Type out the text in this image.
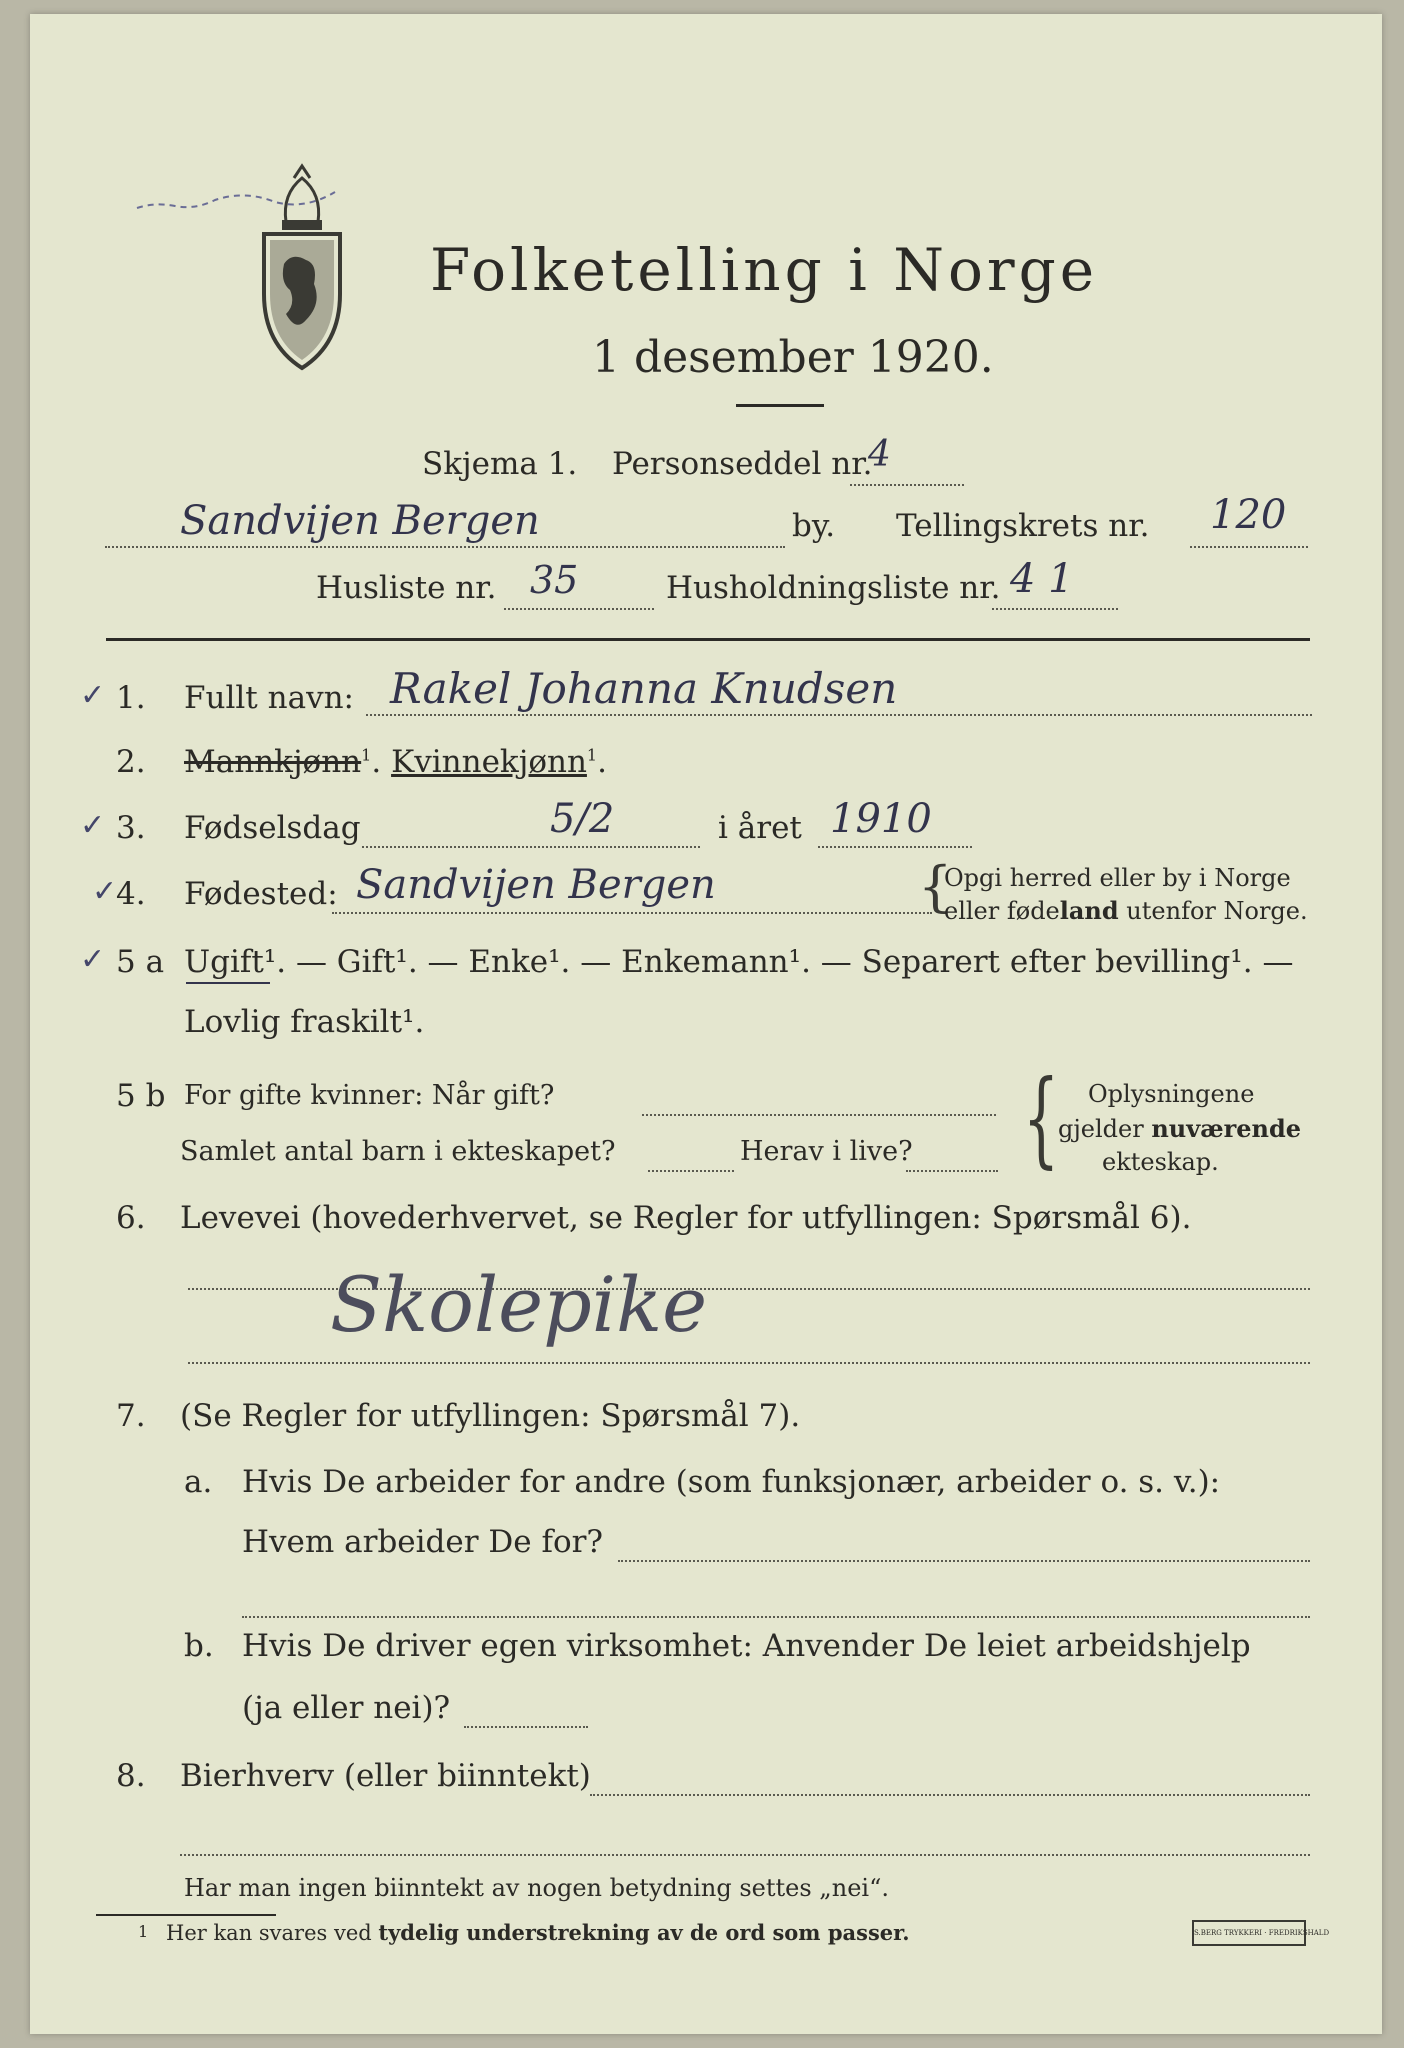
Folketelling i Norge
1 desember 1920.
Skjema 1. Personseddel nr.
4
Sandvijen Bergen	by. Tellingskrets nr. 120
Husliste nr. 35	Husholdningsliste nr. 4 1
✓ 1. Fullt navn: Rakel Johanna Knudsen
2. Mannkjønn$^1$. Kvinnekjønn$^1$.
✓ 3. Fødselsdag	5/2	i året 1910
✓
4. Fødested: Sandvijen Bergen	{
Opgi herred eller by i Norge
eller fødeland utenfor Norge.
✓ 5 a Ugift¹. — Gift¹. — Enke¹. — Enkemann¹. — Separert efter bevilling¹. —
Lovlig fraskilt¹.
5 b For gifte kvinner: Når gift?
Samlet antal barn i ekteskapet?	Herav i live? { Oplysningene
gjelder nuværende
ekteskap.
6. Levevei (hovederhvervet, se Regler for utfyllingen: Spørsmål 6).
Skolepike
7. (Se Regler for utfyllingen: Spørsmål 7).
a. Hvis De arbeider for andre (som funksjonær, arbeider o. s. v.):
Hvem arbeider De for?
b. Hvis De driver egen virksomhet: Anvender De leiet arbeidshjelp
(ja eller nei)?
8. Bierhverv (eller biinntekt)
Har man ingen biinntekt av nogen betydning settes „nei“.
1 Her kan svares ved tydelig understrekning av de ord som passer.	S.BERG TRYKKERI · FREDRIKSHALD
